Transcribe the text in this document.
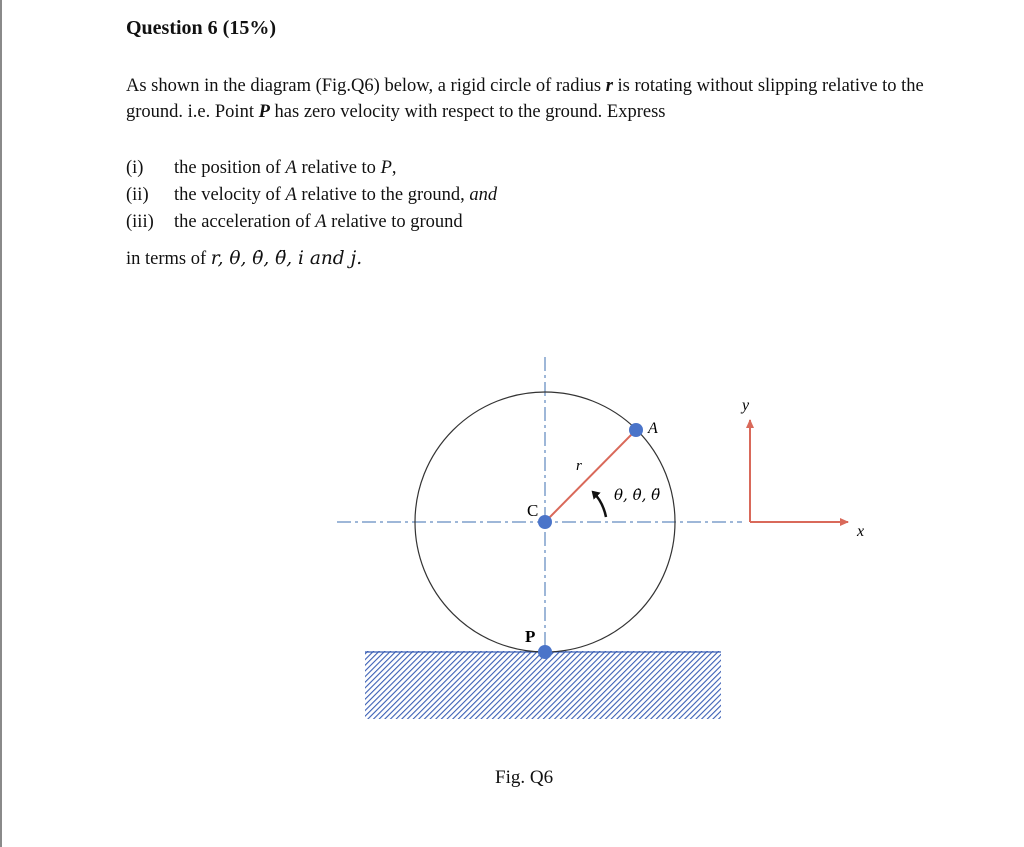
Question 6 (15%)

As shown in the diagram (Fig.Q6) below, a rigid circle of radius r is rotating without slipping relative to the ground. i.e. Point P has zero velocity with respect to the ground. Express

(i)	the position of A relative to P,
(ii)	the velocity of A relative to the ground, and
(iii)	the acceleration of A relative to ground
in terms of r, θ, θ̇, θ̈, i and j.
A
C
P
r
θ, θ̇, θ̈
y
x
Fig. Q6
